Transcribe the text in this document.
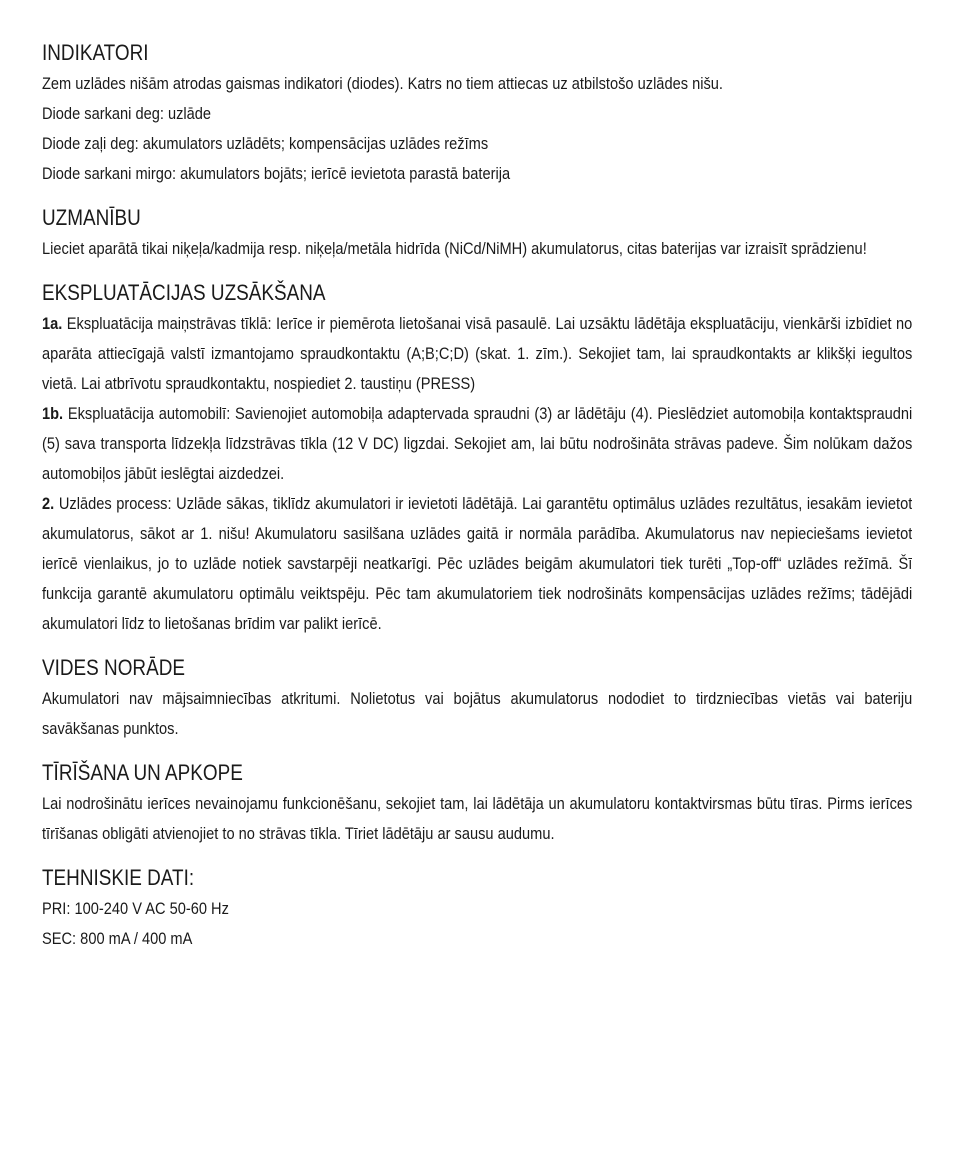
INDIKATORI
Zem uzlādes nišām atrodas gaismas indikatori (diodes). Katrs no tiem attiecas uz atbilstošo uzlādes nišu.
Diode sarkani deg: uzlāde
Diode zaļi deg: akumulators uzlādēts; kompensācijas uzlādes režīms
Diode sarkani mirgo: akumulators bojāts; ierīcē ievietota parastā baterija
UZMANĪBU

Lieciet aparātā tikai niķeļa/kadmija resp. niķeļa/metāla hidrīda (NiCd/NiMH) akumulatorus, citas baterijas var izraisīt sprādzienu!

EKSPLUATĀCIJAS UZSĀKŠANA

1a. Ekspluatācija maiņstrāvas tīklā: Ierīce ir piemērota lietošanai visā pasaulē. Lai uzsāktu lādētāja ekspluatāciju, vienkārši izbīdiet no aparāta attiecīgajā valstī izmantojamo spraudkontaktu (A;B;C;D) (skat. 1. zīm.). Sekojiet tam, lai spraudkontakts ar klikšķi iegultos vietā. Lai atbrīvotu spraudkontaktu, nospiediet 2. taustiņu (PRESS)

1b. Ekspluatācija automobilī: Savienojiet automobiļa adaptervada spraudni (3) ar lādētāju (4). Pieslēdziet automobiļa kontaktspraudni (5) sava transporta līdzekļa līdzstrāvas tīkla (12 V DC) ligzdai. Sekojiet am, lai būtu nodrošināta strāvas padeve. Šim nolūkam dažos automobiļos jābūt ieslēgtai aizdedzei.

2. Uzlādes process: Uzlāde sākas, tiklīdz akumulatori ir ievietoti lādētājā. Lai garantētu optimālus uzlādes rezultātus, iesakām ievietot akumulatorus, sākot ar 1. nišu! Akumulatoru sasilšana uzlādes gaitā ir normāla parādība. Akumulatorus nav nepieciešams ievietot ierīcē vienlaikus, jo to uzlāde notiek savstarpēji neatkarīgi. Pēc uzlādes beigām akumulatori tiek turēti „Top-off“ uzlādes režīmā. Šī funkcija garantē akumulatoru optimālu veiktspēju. Pēc tam akumulatoriem tiek nodrošināts kompensācijas uzlādes režīms; tādējādi akumulatori līdz to lietošanas brīdim var palikt ierīcē.

VIDES NORĀDE

Akumulatori nav mājsaimniecības atkritumi. Nolietotus vai bojātus akumulatorus nododiet to tirdzniecības vietās vai bateriju savākšanas punktos.

TĪRĪŠANA UN APKOPE

Lai nodrošinātu ierīces nevainojamu funkcionēšanu, sekojiet tam, lai lādētāja un akumulatoru kontaktvirsmas būtu tīras. Pirms ierīces tīrīšanas obligāti atvienojiet to no strāvas tīkla. Tīriet lādētāju ar sausu audumu.

TEHNISKIE DATI:
PRI: 100-240 V AC 50-60 Hz
SEC: 800 mA / 400 mA
